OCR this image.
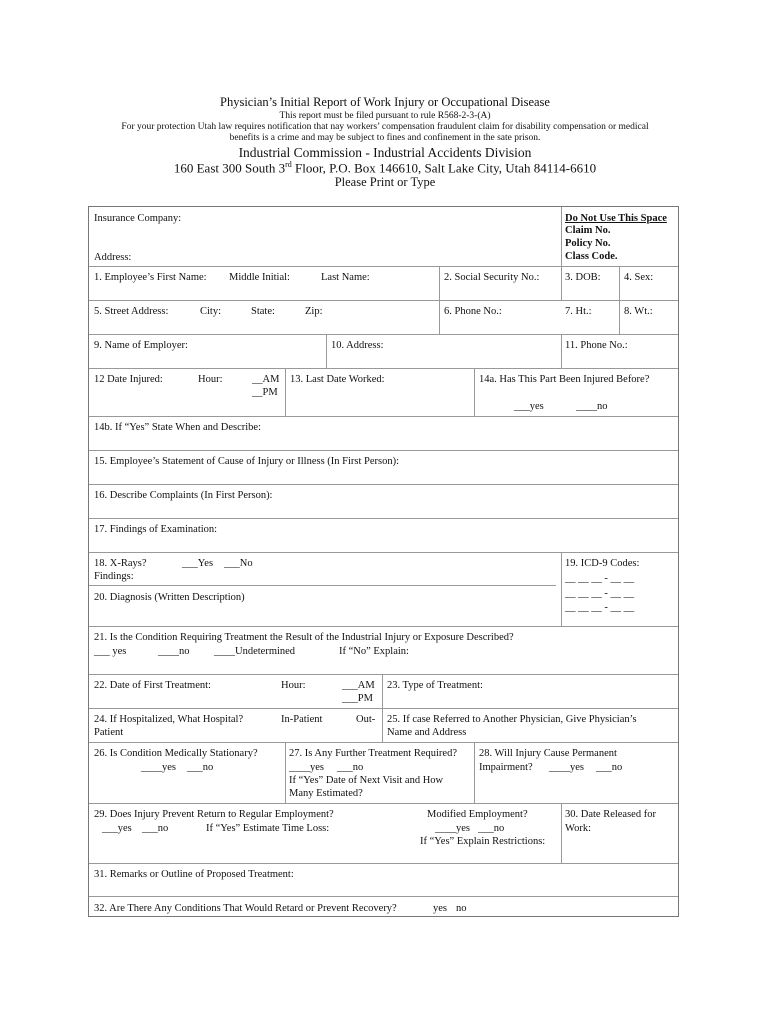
Physician’s Initial Report of Work Injury or Occupational Disease
This report must be filed pursuant to rule R568-2-3-(A)
For your protection Utah law requires notification that nay workers’ compensation fraudulent claim for disability compensation or medical
benefits is a crime and may be subject to fines and confinement in the sate prison.
Industrial Commission - Industrial Accidents Division
160 East 300 South 3rd Floor, P.O. Box 146610, Salt Lake City, Utah 84114-6610
Please Print or Type
Insurance Company:
Address:
Do Not Use This Space
Claim No.
Policy No.
Class Code.
1. Employee’s First Name: Middle Initial:	Last Name:	2. Social Security No.: 3. DOB: 4. Sex:
5. Street Address:	City:	State:	Zip:	6. Phone No.:	7. Ht.:	8. Wt.:
9. Name of Employer:	10. Address:	11. Phone No.:
12 Date Injured:	Hour:	__AM
__PM
13. Last Date Worked:	14a. Has This Part Been Injured Before?
___yes	____no
14b. If “Yes” State When and Describe:
15. Employee’s Statement of Cause of Injury or Illness (In First Person):
16. Describe Complaints (In First Person):
17. Findings of Examination:
18. X-Rays?	___Yes ___No
Findings:
19. ICD-9 Codes:
__ __ __ - __ __
__ __ __ - __ __
__ __ __ - __ __
20. Diagnosis (Written Description)
21. Is the Condition Requiring Treatment the Result of the Industrial Injury or Exposure Described?
___ yes	____no ____Undetermined	If “No” Explain:
22. Date of First Treatment:	Hour:	___AM
___PM
23. Type of Treatment:
24. If Hospitalized, What Hospital?	In-Patient	Out-
Patient
25. If case Referred to Another Physician, Give Physician’s
Name and Address
26. Is Condition Medically Stationary?
____yes ___no
27. Is Any Further Treatment Required?
____yes ___no
If “Yes” Date of Next Visit and How
Many Estimated?
28. Will Injury Cause Permanent
Impairment? ____yes ___no
29. Does Injury Prevent Return to Regular Employment?
___yes ___no	If “Yes” Estimate Time Loss:
Modified Employment?
____yes ___no
If “Yes” Explain Restrictions:
30. Date Released for
Work:
31. Remarks or Outline of Proposed Treatment:
32. Are There Any Conditions That Would Retard or Prevent Recovery?	yes no
